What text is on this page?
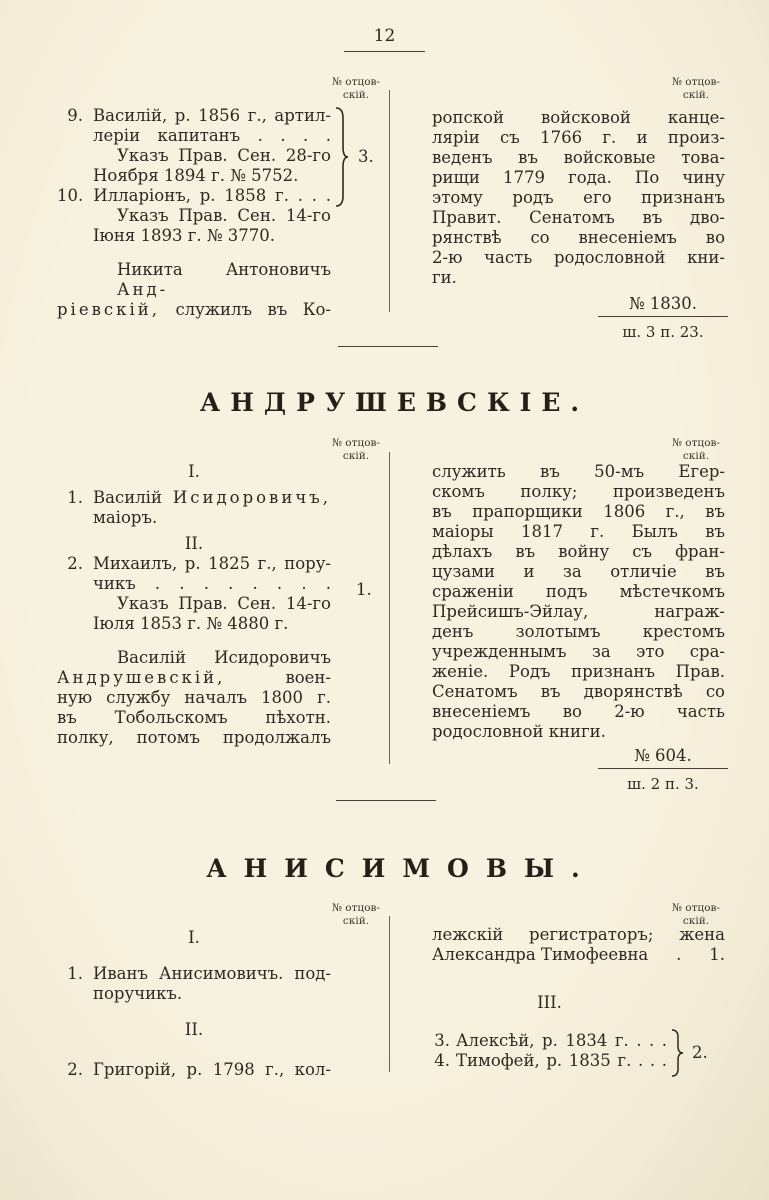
12
№ отцов-
скій.
№ отцов-
скій.
9. Василій, р. 1856 г., артил-
леріи капитанъ . . . .
Указъ Прав. Сен. 28-го
Ноября 1894 г. № 5752.
10. Илларіонъ, р. 1858 г. . . .
Указъ Прав. Сен. 14-го
Іюня 1893 г. № 3770.
Никита Антоновичъ Анд-
ріевскій, служилъ въ Ко-
3.
ропской войсковой канце-
ляріи съ 1766 г. и произ-
веденъ въ войсковые това-
рищи 1779 года. По чину
этому родъ его признанъ
Правит. Сенатомъ въ дво-
рянствѣ со внесеніемъ во
2-ю часть родословной кни-
ги.
№ 1830.
ш. 3 п. 23.
АНДРУШЕВСКІЕ.
№ отцов-
скій.
№ отцов-
скій.
I.
1. Василій Исидоровичъ,
маіоръ.
II.
2. Михаилъ, р. 1825 г., пору-
чикъ . . . . . . . .
Указъ Прав. Сен. 14-го
Іюля 1853 г. № 4880 г.
Василій Исидоровичъ
Андрушевскій,	воен-
ную службу началъ 1800 г.
въ Тобольскомъ пѣхотн.
полку, потомъ продолжалъ
1.
служить въ 50-мъ Егер-
скомъ полку; произведенъ
въ прапорщики 1806 г., въ
маіоры 1817 г. Былъ въ
дѣлахъ въ войну съ фран-
цузами и за отличіе въ
сраженіи подъ мѣстечкомъ
Прейсишъ-Эйлау, награж-
денъ золотымъ крестомъ
учрежденнымъ за это сра-
женіе. Родъ признанъ Прав.
Сенатомъ въ дворянствѣ со
внесеніемъ во 2-ю часть
родословной книги.
№ 604.
ш. 2 п. 3.
АНИСИМОВЫ.
№ отцов-
скій.
№ отцов-
скій.
I.
1. Иванъ Анисимовичъ. под-
поручикъ.
II.
2. Григорій, р. 1798 г., кол-
лежскій регистраторъ; жена
Александра Тимофеевна . 1.
III.
3. Алексѣй, р. 1834 г. . . .
4. Тимофей, р. 1835 г. . . . 2.
